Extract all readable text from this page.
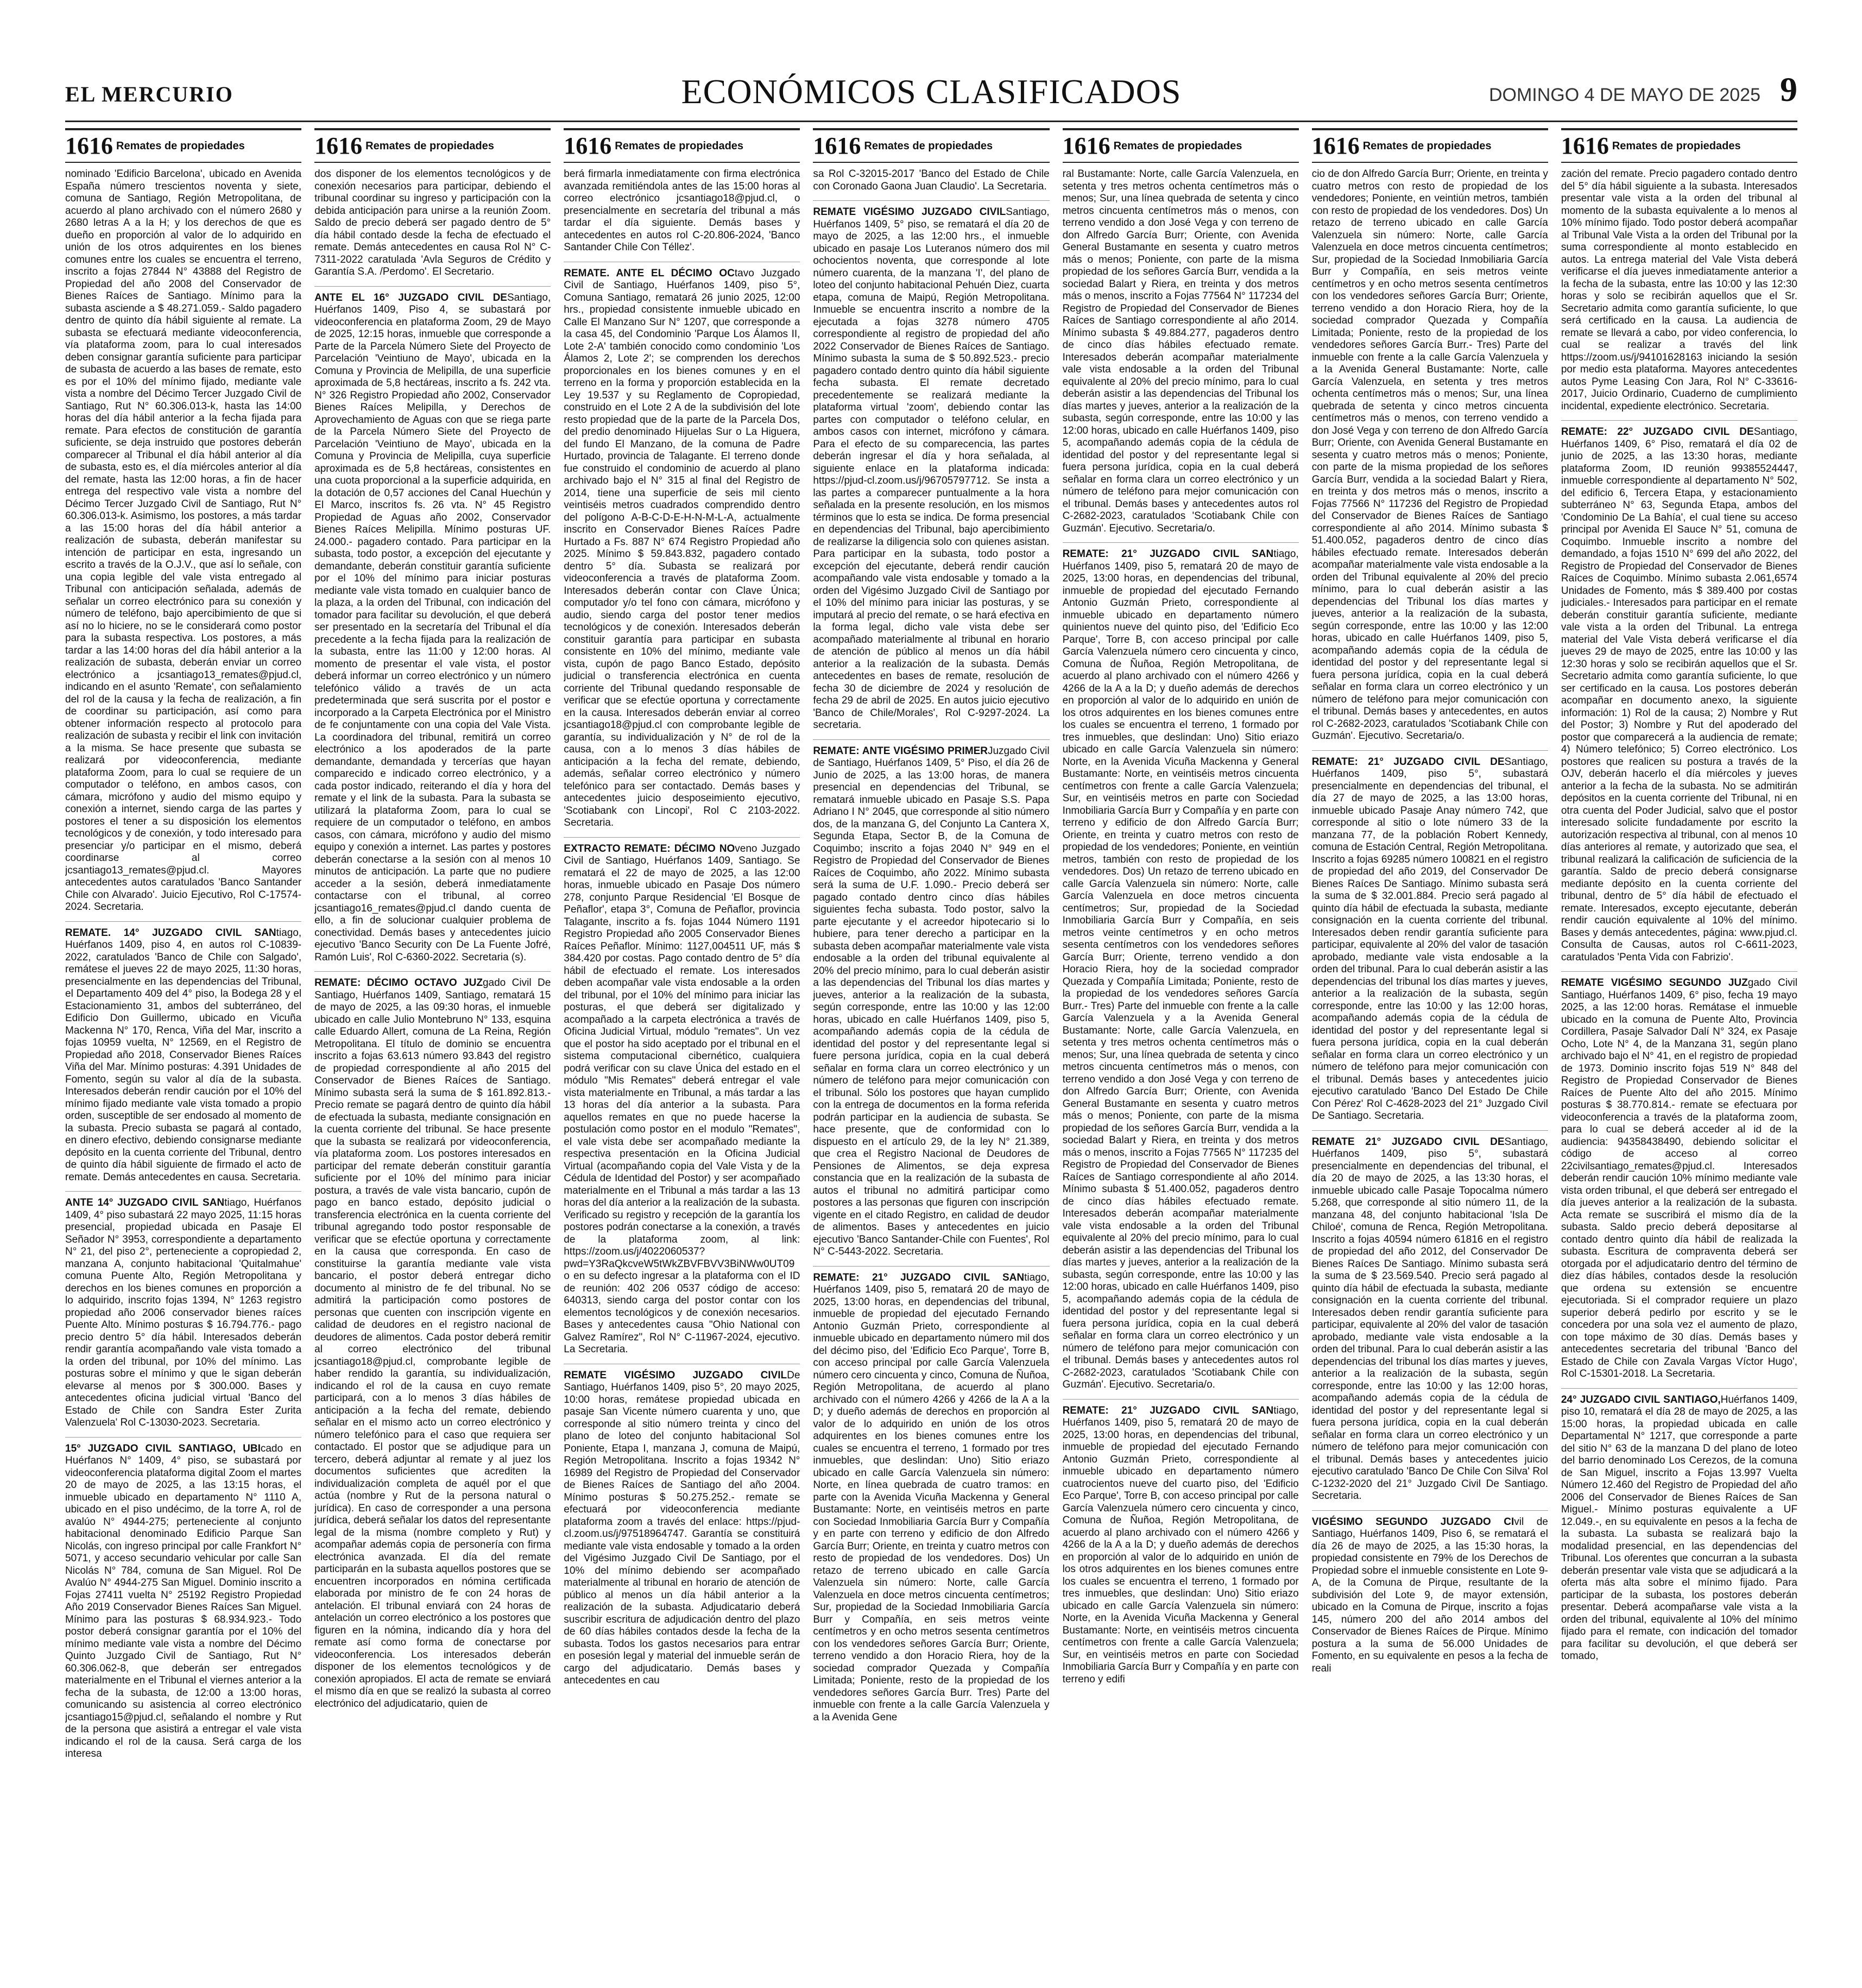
EL MERCURIO	ECONÓMICOS CLASIFICADOS	DOMINGO 4 DE MAYO DE 2025 9
1616 Remates de propiedades

nominado 'Edificio Barcelona', ubicado en Avenida España número trescientos noventa y siete, comuna de Santiago, Región Metropolitana, de acuerdo al plano archivado con el número 2680 y 2680 letras A a la H; y los derechos de que es dueño en proporción al valor de lo adquirido en unión de los otros adquirentes en los bienes comunes entre los cuales se encuentra el terreno, inscrito a fojas 27844 N° 43888 del Registro de Propiedad del año 2008 del Conservador de Bienes Raíces de Santiago. Mínimo para la subasta asciende a $ 48.271.059.- Saldo pagadero dentro de quinto día hábil siguiente al remate. La subasta se efectuará mediante videoconferencia, vía plataforma zoom, para lo cual interesados deben consignar garantía suficiente para participar de subasta de acuerdo a las bases de remate, esto es por el 10% del mínimo fijado, mediante vale vista a nombre del Décimo Tercer Juzgado Civil de Santiago, Rut N° 60.306.013-k, hasta las 14:00 horas del día hábil anterior a la fecha fijada para remate. Para efectos de constitución de garantía suficiente, se deja instruido que postores deberán comparecer al Tribunal el día hábil anterior al día de subasta, esto es, el día miércoles anterior al día del remate, hasta las 12:00 horas, a fin de hacer entrega del respectivo vale vista a nombre del Décimo Tercer Juzgado Civil de Santiago, Rut N° 60.306.013-k. Asimismo, los postores, a más tardar a las 15:00 horas del día hábil anterior a realización de subasta, deberán manifestar su intención de participar en esta, ingresando un escrito a través de la O.J.V., que así lo señale, con una copia legible del vale vista entregado al Tribunal con anticipación señalada, además de señalar un correo electrónico para su conexión y número de teléfono, bajo apercibimiento de que si así no lo hiciere, no se le considerará como postor para la subasta respectiva. Los postores, a más tardar a las 14:00 horas del día hábil anterior a la realización de subasta, deberán enviar un correo electrónico a jcsantiago13_remates@pjud.cl, indicando en el asunto 'Remate', con señalamiento del rol de la causa y la fecha de realización, a fin de coordinar su participación, así como para obtener información respecto al protocolo para realización de subasta y recibir el link con invitación a la misma. Se hace presente que subasta se realizará por videoconferencia, mediante plataforma Zoom, para lo cual se requiere de un computador o teléfono, en ambos casos, con cámara, micrófono y audio del mismo equipo y conexión a internet, siendo carga de las partes y postores el tener a su disposición los elementos tecnológicos y de conexión, y todo interesado para presenciar y/o participar en el mismo, deberá coordinarse al correo jcsantiago13_remates@pjud.cl. Mayores antecedentes autos caratulados 'Banco Santander Chile con Alvarado'. Juicio Ejecutivo, Rol C-17574-2024. Secretaria.

REMATE. 14° JUZGADO CIVIL SANtiago, Huérfanos 1409, piso 4, en autos rol C-10839-2022, caratulados 'Banco de Chile con Salgado', remátese el jueves 22 de mayo 2025, 11:30 horas, presencialmente en las dependencias del Tribunal, el Departamento 409 del 4° piso, la Bodega 28 y el Estacionamiento 31, ambos del subterráneo, del Edificio Don Guillermo, ubicado en Vicuña Mackenna N° 170, Renca, Viña del Mar, inscrito a fojas 10959 vuelta, N° 12569, en el Registro de Propiedad año 2018, Conservador Bienes Raíces Viña del Mar. Mínimo posturas: 4.391 Unidades de Fomento, según su valor al día de la subasta. Interesados deberán rendir caución por el 10% del mínimo fijado mediante vale vista tomado a propio orden, susceptible de ser endosado al momento de la subasta. Precio subasta se pagará al contado, en dinero efectivo, debiendo consignarse mediante depósito en la cuenta corriente del Tribunal, dentro de quinto día hábil siguiente de firmado el acto de remate. Demás antecedentes en causa. Secretaria.

ANTE 14° JUZGADO CIVIL SANtiago, Huérfanos 1409, 4° piso subastará 22 mayo 2025, 11:15 horas presencial, propiedad ubicada en Pasaje El Señador N° 3953, correspondiente a departamento N° 21, del piso 2°, perteneciente a copropiedad 2, manzana A, conjunto habitacional 'Quitalmahue' comuna Puente Alto, Región Metropolitana y derechos en los bienes comunes en proporción a lo adquirido, inscrito fojas 1394, N° 1263 registro propiedad año 2006 conservador bienes raíces Puente Alto. Mínimo posturas $ 16.794.776.- pago precio dentro 5° día hábil. Interesados deberán rendir garantía acompañando vale vista tomado a la orden del tribunal, por 10% del mínimo. Las posturas sobre el mínimo y que le sigan deberán elevarse al menos por $ 300.000. Bases y antecedentes oficina judicial virtual 'Banco del Estado de Chile con Sandra Ester Zurita Valenzuela' Rol C-13030-2023. Secretaria.

15° JUZGADO CIVIL SANTIAGO, UBIcado en Huérfanos N° 1409, 4° piso, se subastará por videoconferencia plataforma digital Zoom el martes 20 de mayo de 2025, a las 13:15 horas, el inmueble ubicado en departamento N° 1110 A, ubicado en el piso undécimo, de la torre A, rol de avalúo N° 4944-275; perteneciente al conjunto habitacional denominado Edificio Parque San Nicolás, con ingreso principal por calle Frankfort N° 5071, y acceso secundario vehicular por calle San Nicolás N° 784, comuna de San Miguel. Rol De Avalúo N° 4944-275 San Miguel. Dominio inscrito a Fojas 27411 vuelta N° 25192 Registro Propiedad Año 2019 Conservador Bienes Raíces San Miguel. Mínimo para las posturas $ 68.934.923.- Todo postor deberá consignar garantía por el 10% del mínimo mediante vale vista a nombre del Décimo Quinto Juzgado Civil de Santiago, Rut N° 60.306.062-8, que deberán ser entregados materialmente en el Tribunal el viernes anterior a la fecha de la subasta, de 12:00 a 13:00 horas, comunicando su asistencia al correo electrónico jcsantiago15@pjud.cl, señalando el nombre y Rut de la persona que asistirá a entregar el vale vista indicando el rol de la causa. Será carga de los interesa

1616 Remates de propiedades

dos disponer de los elementos tecnológicos y de conexión necesarios para participar, debiendo el tribunal coordinar su ingreso y participación con la debida anticipación para unirse a la reunión Zoom. Saldo de precio deberá ser pagado dentro de 5° día hábil contado desde la fecha de efectuado el remate. Demás antecedentes en causa Rol N° C-7311-2022 caratulada 'Avla Seguros de Crédito y Garantía S.A. /Perdomo'. El Secretario.

ANTE EL 16° JUZGADO CIVIL DESantiago, Huérfanos 1409, Piso 4, se subastará por videoconferencia en plataforma Zoom, 29 de Mayo de 2025, 12:15 horas, inmueble que corresponde a Parte de la Parcela Número Siete del Proyecto de Parcelación 'Veintiuno de Mayo', ubicada en la Comuna y Provincia de Melipilla, de una superficie aproximada de 5,8 hectáreas, inscrito a fs. 242 vta. N° 326 Registro Propiedad año 2002, Conservador Bienes Raíces Melipilla, y Derechos de Aprovechamiento de Aguas con que se riega parte de la Parcela Número Siete del Proyecto de Parcelación 'Veintiuno de Mayo', ubicada en la Comuna y Provincia de Melipilla, cuya superficie aproximada es de 5,8 hectáreas, consistentes en una cuota proporcional a la superficie adquirida, en la dotación de 0,57 acciones del Canal Huechún y El Marco, inscritos fs. 26 vta. N° 45 Registro Propiedad de Aguas año 2002, Conservador Bienes Raíces Melipilla. Mínimo posturas UF. 24.000.- pagadero contado. Para participar en la subasta, todo postor, a excepción del ejecutante y demandante, deberán constituir garantía suficiente por el 10% del mínimo para iniciar posturas mediante vale vista tomado en cualquier banco de la plaza, a la orden del Tribunal, con indicación del tomador para facilitar su devolución, el que deberá ser presentado en la secretaría del Tribunal el día precedente a la fecha fijada para la realización de la subasta, entre las 11:00 y 12:00 horas. Al momento de presentar el vale vista, el postor deberá informar un correo electrónico y un número telefónico válido a través de un acta predeterminada que será suscrita por el postor e incorporado a la Carpeta Electrónica por el Ministro de fe conjuntamente con una copia del Vale Vista. La coordinadora del tribunal, remitirá un correo electrónico a los apoderados de la parte demandante, demandada y tercerías que hayan comparecido e indicado correo electrónico, y a cada postor indicado, reiterando el día y hora del remate y el link de la subasta. Para la subasta se utilizará la plataforma Zoom, para lo cual se requiere de un computador o teléfono, en ambos casos, con cámara, micrófono y audio del mismo equipo y conexión a internet. Las partes y postores deberán conectarse a la sesión con al menos 10 minutos de anticipación. La parte que no pudiere acceder a la sesión, deberá inmediatamente contactarse con el tribunal, al correo jcsantiago16_remates@pjud.cl dando cuenta de ello, a fin de solucionar cualquier problema de conectividad. Demás bases y antecedentes juicio ejecutivo 'Banco Security con De La Fuente Jofré, Ramón Luis', Rol C-6360-2022. Secretaria (s).

REMATE: DÉCIMO OCTAVO JUZgado Civil De Santiago, Huérfanos 1409, Santiago, rematará 15 de mayo de 2025, a las 09:30 horas, el inmueble ubicado en calle Julio Montebruno N° 133, esquina calle Eduardo Allert, comuna de La Reina, Región Metropolitana. El título de dominio se encuentra inscrito a fojas 63.613 número 93.843 del registro de propiedad correspondiente al año 2015 del Conservador de Bienes Raíces de Santiago. Mínimo subasta será la suma de $ 161.892.813.- Precio remate se pagará dentro de quinto día hábil de efectuada la subasta, mediante consignación en la cuenta corriente del tribunal. Se hace presente que la subasta se realizará por videoconferencia, vía plataforma zoom. Los postores interesados en participar del remate deberán constituir garantía suficiente por el 10% del mínimo para iniciar postura, a través de vale vista bancario, cupón de pago en banco estado, depósito judicial o transferencia electrónica en la cuenta corriente del tribunal agregando todo postor responsable de verificar que se efectúe oportuna y correctamente en la causa que corresponda. En caso de constituirse la garantía mediante vale vista bancario, el postor deberá entregar dicho documento al ministro de fe del tribunal. No se admitirá la participación como postores de personas que cuenten con inscripción vigente en calidad de deudores en el registro nacional de deudores de alimentos. Cada postor deberá remitir al correo electrónico del tribunal jcsantiago18@pjud.cl, comprobante legible de haber rendido la garantía, su individualización, indicando el rol de la causa en cuyo remate participará, con a lo menos 3 días hábiles de anticipación a la fecha del remate, debiendo señalar en el mismo acto un correo electrónico y número telefónico para el caso que requiera ser contactado. El postor que se adjudique para un tercero, deberá adjuntar al remate y al juez los documentos suficientes que acrediten la individualización completa de aquél por el que actúa (nombre y Rut de la persona natural o jurídica). En caso de corresponder a una persona jurídica, deberá señalar los datos del representante legal de la misma (nombre completo y Rut) y acompañar además copia de personería con firma electrónica avanzada. El día del remate participarán en la subasta aquellos postores que se encuentren incorporados en nómina certificada elaborada por ministro de fe con 24 horas de antelación. El tribunal enviará con 24 horas de antelación un correo electrónico a los postores que figuren en la nómina, indicando día y hora del remate así como forma de conectarse por videoconferencia. Los interesados deberán disponer de los elementos tecnológicos y de conexión apropiados. El acta de remate se enviará el mismo día en que se realizó la subasta al correo electrónico del adjudicatario, quien de

1616 Remates de propiedades

berá firmarla inmediatamente con firma electrónica avanzada remitiéndola antes de las 15:00 horas al correo electrónico jcsantiago18@pjud.cl, o presencialmente en secretaría del tribunal a más tardar el día siguiente. Demás bases y antecedentes en autos rol C-20.806-2024, 'Banco Santander Chile Con Téllez'.

REMATE. ANTE EL DÉCIMO OCtavo Juzgado Civil de Santiago, Huérfanos 1409, piso 5°, Comuna Santiago, rematará 26 junio 2025, 12:00 hrs., propiedad consistente inmueble ubicado en Calle El Manzano Sur N° 1207, que corresponde a la casa 45, del Condominio 'Parque Los Álamos II, Lote 2-A' también conocido como condominio 'Los Álamos 2, Lote 2'; se comprenden los derechos proporcionales en los bienes comunes y en el terreno en la forma y proporción establecida en la Ley 19.537 y su Reglamento de Copropiedad, construido en el Lote 2 A de la subdivisión del lote resto propiedad que de la parte de la Parcela Dos, del predio denominado Hijuelas Sur o La Higuera, del fundo El Manzano, de la comuna de Padre Hurtado, provincia de Talagante. El terreno donde fue construido el condominio de acuerdo al plano archivado bajo el N° 315 al final del Registro de 2014, tiene una superficie de seis mil ciento veintiséis metros cuadrados comprendido dentro del polígono A-B-C-D-E-H-N-M-L-A, actualmente inscrito en Conservador Bienes Raíces Padre Hurtado a Fs. 887 N° 674 Registro Propiedad año 2025. Mínimo $ 59.843.832, pagadero contado dentro 5° día. Subasta se realizará por videoconferencia a través de plataforma Zoom. Interesados deberán contar con Clave Única; computador y/o tel fono con cámara, micrófono y audio, siendo carga del postor tener medios tecnológicos y de conexión. Interesados deberán constituir garantía para participar en subasta consistente en 10% del mínimo, mediante vale vista, cupón de pago Banco Estado, depósito judicial o transferencia electrónica en cuenta corriente del Tribunal quedando responsable de verificar que se efectúe oportuna y correctamente en la causa. Interesados deberán enviar al correo jcsantiago18@pjud.cl con comprobante legible de garantía, su individualización y N° de rol de la causa, con a lo menos 3 días hábiles de anticipación a la fecha del remate, debiendo, además, señalar correo electrónico y número telefónico para ser contactado. Demás bases y antecedentes juicio desposeimiento ejecutivo, 'Scotiabank con Lincopi', Rol C 2103-2022. Secretaria.

EXTRACTO REMATE: DÉCIMO NOveno Juzgado Civil de Santiago, Huérfanos 1409, Santiago. Se rematará el 22 de mayo de 2025, a las 12:00 horas, inmueble ubicado en Pasaje Dos número 278, conjunto Parque Residencial 'El Bosque de Peñaflor', etapa 3°, Comuna de Peñaflor, provincia Talagante, inscrito a fs. fojas 1044 Número 1191 Registro Propiedad año 2005 Conservador Bienes Raíces Peñaflor. Mínimo: 1127,004511 UF, más $ 384.420 por costas. Pago contado dentro de 5° día hábil de efectuado el remate. Los interesados deben acompañar vale vista endosable a la orden del tribunal, por el 10% del mínimo para iniciar las posturas, el que deberá ser digitalizado y acompañado a la carpeta electrónica a través de Oficina Judicial Virtual, módulo "remates". Un vez que el postor ha sido aceptado por el tribunal en el sistema computacional cibernético, cualquiera podrá verificar con su clave Única del estado en el módulo "Mis Remates" deberá entregar el vale vista materialmente en Tribunal, a más tardar a las 13 horas del día anterior a la subasta. Para aquellos remates en que no puede hacerse la postulación como postor en el modulo "Remates", el vale vista debe ser acompañado mediante la respectiva presentación en la Oficina Judicial Virtual (acompañando copia del Vale Vista y de la Cédula de Identidad del Postor) y ser acompañado materialmente en el Tribunal a más tardar a las 13 horas del día anterior a la realización de la subasta. Verificado su registro y recepción de la garantía los postores podrán conectarse a la conexión, a través de la plataforma zoom, al link: https://zoom.us/j/4022060537?pwd=Y3RaQkcveW5tWkZBVFBVV3BiNWw0UT09 o en su defecto ingresar a la plataforma con el ID de reunión: 402 206 0537 código de acceso: 640313, siendo carga del postor contar con los elementos tecnológicos y de conexión necesarios. Bases y antecedentes causa "Ohio National con Galvez Ramírez", Rol N° C-11967-2024, ejecutivo. La Secretaria.

REMATE VIGÉSIMO JUZGADO CIVILDe Santiago, Huérfanos 1409, piso 5°, 20 mayo 2025, 10:00 horas, remátese propiedad ubicada en pasaje San Vicente número cuarenta y uno, que corresponde al sitio número treinta y cinco del plano de loteo del conjunto habitacional Sol Poniente, Etapa I, manzana J, comuna de Maipú, Región Metropolitana. Inscrito a fojas 19342 N° 16989 del Registro de Propiedad del Conservador de Bienes Raíces de Santiago del año 2004. Mínimo posturas $ 50.275.252.- remate se efectuará por videoconferencia mediante plataforma zoom a través del enlace: https://pjud-cl.zoom.us/j/97518964747. Garantía se constituirá mediante vale vista endosable y tomado a la orden del Vigésimo Juzgado Civil De Santiago, por el 10% del mínimo debiendo ser acompañado materialmente al tribunal en horario de atención de público al menos un día hábil anterior a la realización de la subasta. Adjudicatario deberá suscribir escritura de adjudicación dentro del plazo de 60 días hábiles contados desde la fecha de la subasta. Todos los gastos necesarios para entrar en posesión legal y material del inmueble serán de cargo del adjudicatario. Demás bases y antecedentes en cau

1616 Remates de propiedades

sa Rol C-32015-2017 'Banco del Estado de Chile con Coronado Gaona Juan Claudio'. La Secretaria.

REMATE VIGÉSIMO JUZGADO CIVILSantiago, Huérfanos 1409, 5° piso, se rematará el día 20 de mayo de 2025, a las 12:00 hrs., el inmueble ubicado en pasaje Los Luteranos número dos mil ochocientos noventa, que corresponde al lote número cuarenta, de la manzana 'I', del plano de loteo del conjunto habitacional Pehuén Diez, cuarta etapa, comuna de Maipú, Región Metropolitana. Inmueble se encuentra inscrito a nombre de la ejecutada a fojas 3278 número 4705 correspondiente al registro de propiedad del año 2022 Conservador de Bienes Raíces de Santiago. Mínimo subasta la suma de $ 50.892.523.- precio pagadero contado dentro quinto día hábil siguiente fecha subasta. El remate decretado precedentemente se realizará mediante la plataforma virtual 'zoom', debiendo contar las partes con computador o teléfono celular, en ambos casos con internet, micrófono y cámara. Para el efecto de su comparecencia, las partes deberán ingresar el día y hora señalada, al siguiente enlace en la plataforma indicada: https://pjud-cl.zoom.us/j/96705797712. Se insta a las partes a comparecer puntualmente a la hora señalada en la presente resolución, en los mismos términos que lo esta se indica. De forma presencial en dependencias del Tribunal, bajo apercibimiento de realizarse la diligencia solo con quienes asistan. Para participar en la subasta, todo postor a excepción del ejecutante, deberá rendir caución acompañando vale vista endosable y tomado a la orden del Vigésimo Juzgado Civil de Santiago por el 10% del mínimo para iniciar las posturas, y se imputará al precio del remate, o se hará efectiva en la forma legal, dicho vale vista debe ser acompañado materialmente al tribunal en horario de atención de público al menos un día hábil anterior a la realización de la subasta. Demás antecedentes en bases de remate, resolución de fecha 30 de diciembre de 2024 y resolución de fecha 29 de abril de 2025. En autos juicio ejecutivo 'Banco de Chile/Morales', Rol C-9297-2024. La secretaria.

REMATE: ANTE VIGÉSIMO PRIMERJuzgado Civil de Santiago, Huérfanos 1409, 5° Piso, el día 26 de Junio de 2025, a las 13:00 horas, de manera presencial en dependencias del Tribunal, se rematará inmueble ubicado en Pasaje S.S. Papa Adriano I N° 2045, que corresponde al sitio número dos, de la manzana G, del Conjunto La Cantera X, Segunda Etapa, Sector B, de la Comuna de Coquimbo; inscrito a fojas 2040 N° 949 en el Registro de Propiedad del Conservador de Bienes Raíces de Coquimbo, año 2022. Mínimo subasta será la suma de U.F. 1.090.- Precio deberá ser pagado contado dentro cinco días hábiles siguientes fecha subasta. Todo postor, salvo la parte ejecutante y el acreedor hipotecario si lo hubiere, para tener derecho a participar en la subasta deben acompañar materialmente vale vista endosable a la orden del tribunal equivalente al 20% del precio mínimo, para lo cual deberán asistir a las dependencias del Tribunal los días martes y jueves, anterior a la realización de la subasta, según corresponde, entre las 10:00 y las 12:00 horas, ubicado en calle Huérfanos 1409, piso 5, acompañando además copia de la cédula de identidad del postor y del representante legal si fuere persona jurídica, copia en la cual deberá señalar en forma clara un correo electrónico y un número de teléfono para mejor comunicación con el tribunal. Sólo los postores que hayan cumplido con la entrega de documentos en la forma referida podrán participar en la audiencia de subasta. Se hace presente, que de conformidad con lo dispuesto en el artículo 29, de la ley N° 21.389, que crea el Registro Nacional de Deudores de Pensiones de Alimentos, se deja expresa constancia que en la realización de la subasta de autos el tribunal no admitirá participar como postores a las personas que figuren con inscripción vigente en el citado Registro, en calidad de deudor de alimentos. Bases y antecedentes en juicio ejecutivo 'Banco Santander-Chile con Fuentes', Rol N° C-5443-2022. Secretaria.

REMATE: 21° JUZGADO CIVIL SANtiago, Huérfanos 1409, piso 5, rematará 20 de mayo de 2025, 13:00 horas, en dependencias del tribunal, inmueble de propiedad del ejecutado Fernando Antonio Guzmán Prieto, correspondiente al inmueble ubicado en departamento número mil dos del décimo piso, del 'Edificio Eco Parque', Torre B, con acceso principal por calle García Valenzuela número cero cincuenta y cinco, Comuna de Ñuñoa, Región Metropolitana, de acuerdo al plano archivado con el número 4266 y 4266 de la A a la D; y dueño además de derechos en proporción al valor de lo adquirido en unión de los otros adquirentes en los bienes comunes entre los cuales se encuentra el terreno, 1 formado por tres inmuebles, que deslindan: Uno) Sitio eriazo ubicado en calle García Valenzuela sin número: Norte, en línea quebrada de cuatro tramos: en parte con la Avenida Vicuña Mackenna y General Bustamante: Norte, en veintiséis metros en parte con Sociedad Inmobiliaria García Burr y Compañía y en parte con terreno y edificio de don Alfredo García Burr; Oriente, en treinta y cuatro metros con resto de propiedad de los vendedores. Dos) Un retazo de terreno ubicado en calle García Valenzuela sin número: Norte, calle García Valenzuela en doce metros cincuenta centímetros; Sur, propiedad de la Sociedad Inmobiliaria García Burr y Compañía, en seis metros veinte centímetros y en ocho metros sesenta centímetros con los vendedores señores García Burr; Oriente, terreno vendido a don Horacio Riera, hoy de la sociedad comprador Quezada y Compañía Limitada; Poniente, resto de la propiedad de los vendedores señores García Burr. Tres) Parte del inmueble con frente a la calle García Valenzuela y a la Avenida Gene

1616 Remates de propiedades

ral Bustamante: Norte, calle García Valenzuela, en setenta y tres metros ochenta centímetros más o menos; Sur, una línea quebrada de setenta y cinco metros cincuenta centímetros más o menos, con terreno vendido a don José Vega y con terreno de don Alfredo García Burr; Oriente, con Avenida General Bustamante en sesenta y cuatro metros más o menos; Poniente, con parte de la misma propiedad de los señores García Burr, vendida a la sociedad Balart y Riera, en treinta y dos metros más o menos, inscrito a Fojas 77564 N° 117234 del Registro de Propiedad del Conservador de Bienes Raíces de Santiago correspondiente al año 2014. Mínimo subasta $ 49.884.277, pagaderos dentro de cinco días hábiles efectuado remate. Interesados deberán acompañar materialmente vale vista endosable a la orden del Tribunal equivalente al 20% del precio mínimo, para lo cual deberán asistir a las dependencias del Tribunal los días martes y jueves, anterior a la realización de la subasta, según corresponde, entre las 10:00 y las 12:00 horas, ubicado en calle Huérfanos 1409, piso 5, acompañando además copia de la cédula de identidad del postor y del representante legal si fuera persona jurídica, copia en la cual deberá señalar en forma clara un correo electrónico y un número de teléfono para mejor comunicación con el tribunal. Demás bases y antecedentes autos rol C-2682-2023, caratulados 'Scotiabank Chile con Guzmán'. Ejecutivo. Secretaria/o.

REMATE: 21° JUZGADO CIVIL SANtiago, Huérfanos 1409, piso 5, rematará 20 de mayo de 2025, 13:00 horas, en dependencias del tribunal, inmueble de propiedad del ejecutado Fernando Antonio Guzmán Prieto, correspondiente al inmueble ubicado en departamento número quinientos nueve del quinto piso, del 'Edificio Eco Parque', Torre B, con acceso principal por calle García Valenzuela número cero cincuenta y cinco, Comuna de Ñuñoa, Región Metropolitana, de acuerdo al plano archivado con el número 4266 y 4266 de la A a la D; y dueño además de derechos en proporción al valor de lo adquirido en unión de los otros adquirentes en los bienes comunes entre los cuales se encuentra el terreno, 1 formado por tres inmuebles, que deslindan: Uno) Sitio eriazo ubicado en calle García Valenzuela sin número: Norte, en la Avenida Vicuña Mackenna y General Bustamante: Norte, en veintiséis metros cincuenta centímetros con frente a calle García Valenzuela; Sur, en veintiséis metros en parte con Sociedad Inmobiliaria García Burr y Compañía y en parte con terreno y edificio de don Alfredo García Burr; Oriente, en treinta y cuatro metros con resto de propiedad de los vendedores; Poniente, en veintiún metros, también con resto de propiedad de los vendedores. Dos) Un retazo de terreno ubicado en calle García Valenzuela sin número: Norte, calle García Valenzuela en doce metros cincuenta centímetros; Sur, propiedad de la Sociedad Inmobiliaria García Burr y Compañía, en seis metros veinte centímetros y en ocho metros sesenta centímetros con los vendedores señores García Burr; Oriente, terreno vendido a don Horacio Riera, hoy de la sociedad comprador Quezada y Compañía Limitada; Poniente, resto de la propiedad de los vendedores señores García Burr.- Tres) Parte del inmueble con frente a la calle García Valenzuela y a la Avenida General Bustamante: Norte, calle García Valenzuela, en setenta y tres metros ochenta centímetros más o menos; Sur, una línea quebrada de setenta y cinco metros cincuenta centímetros más o menos, con terreno vendido a don José Vega y con terreno de don Alfredo García Burr; Oriente, con Avenida General Bustamante en sesenta y cuatro metros más o menos; Poniente, con parte de la misma propiedad de los señores García Burr, vendida a la sociedad Balart y Riera, en treinta y dos metros más o menos, inscrito a Fojas 77565 N° 117235 del Registro de Propiedad del Conservador de Bienes Raíces de Santiago correspondiente al año 2014. Mínimo subasta $ 51.400.052, pagaderos dentro de cinco días hábiles efectuado remate. Interesados deberán acompañar materialmente vale vista endosable a la orden del Tribunal equivalente al 20% del precio mínimo, para lo cual deberán asistir a las dependencias del Tribunal los días martes y jueves, anterior a la realización de la subasta, según corresponde, entre las 10:00 y las 12:00 horas, ubicado en calle Huérfanos 1409, piso 5, acompañando además copia de la cédula de identidad del postor y del representante legal si fuera persona jurídica, copia en la cual deberá señalar en forma clara un correo electrónico y un número de teléfono para mejor comunicación con el tribunal. Demás bases y antecedentes autos rol C-2682-2023, caratulados 'Scotiabank Chile con Guzmán'. Ejecutivo. Secretaria/o.

REMATE: 21° JUZGADO CIVIL SANtiago, Huérfanos 1409, piso 5, rematará 20 de mayo de 2025, 13:00 horas, en dependencias del tribunal, inmueble de propiedad del ejecutado Fernando Antonio Guzmán Prieto, correspondiente al inmueble ubicado en departamento número cuatrocientos nueve del cuarto piso, del 'Edificio Eco Parque', Torre B, con acceso principal por calle García Valenzuela número cero cincuenta y cinco, Comuna de Ñuñoa, Región Metropolitana, de acuerdo al plano archivado con el número 4266 y 4266 de la A a la D; y dueño además de derechos en proporción al valor de lo adquirido en unión de los otros adquirentes en los bienes comunes entre los cuales se encuentra el terreno, 1 formado por tres inmuebles, que deslindan: Uno) Sitio eriazo ubicado en calle García Valenzuela sin número: Norte, en la Avenida Vicuña Mackenna y General Bustamante: Norte, en veintiséis metros cincuenta centímetros con frente a calle García Valenzuela; Sur, en veintiséis metros en parte con Sociedad Inmobiliaria García Burr y Compañía y en parte con terreno y edifi

1616 Remates de propiedades

cio de don Alfredo García Burr; Oriente, en treinta y cuatro metros con resto de propiedad de los vendedores; Poniente, en veintiún metros, también con resto de propiedad de los vendedores. Dos) Un retazo de terreno ubicado en calle García Valenzuela sin número: Norte, calle García Valenzuela en doce metros cincuenta centímetros; Sur, propiedad de la Sociedad Inmobiliaria García Burr y Compañía, en seis metros veinte centímetros y en ocho metros sesenta centímetros con los vendedores señores García Burr; Oriente, terreno vendido a don Horacio Riera, hoy de la sociedad comprador Quezada y Compañía Limitada; Poniente, resto de la propiedad de los vendedores señores García Burr.- Tres) Parte del inmueble con frente a la calle García Valenzuela y a la Avenida General Bustamante: Norte, calle García Valenzuela, en setenta y tres metros ochenta centímetros más o menos; Sur, una línea quebrada de setenta y cinco metros cincuenta centímetros más o menos, con terreno vendido a don José Vega y con terreno de don Alfredo García Burr; Oriente, con Avenida General Bustamante en sesenta y cuatro metros más o menos; Poniente, con parte de la misma propiedad de los señores García Burr, vendida a la sociedad Balart y Riera, en treinta y dos metros más o menos, inscrito a Fojas 77566 N° 117236 del Registro de Propiedad del Conservador de Bienes Raíces de Santiago correspondiente al año 2014. Mínimo subasta $ 51.400.052, pagaderos dentro de cinco días hábiles efectuado remate. Interesados deberán acompañar materialmente vale vista endosable a la orden del Tribunal equivalente al 20% del precio mínimo, para lo cual deberán asistir a las dependencias del Tribunal los días martes y jueves, anterior a la realización de la subasta, según corresponde, entre las 10:00 y las 12:00 horas, ubicado en calle Huérfanos 1409, piso 5, acompañando además copia de la cédula de identidad del postor y del representante legal si fuera persona jurídica, copia en la cual deberá señalar en forma clara un correo electrónico y un número de teléfono para mejor comunicación con el tribunal. Demás bases y antecedentes, en autos rol C-2682-2023, caratulados 'Scotiabank Chile con Guzmán'. Ejecutivo. Secretaria/o.

REMATE: 21° JUZGADO CIVIL DESantiago, Huérfanos 1409, piso 5°, subastará presencialmente en dependencias del tribunal, el día 27 de mayo de 2025, a las 13:00 horas, inmueble ubicado Pasaje Anay número 742, que corresponde al sitio o lote número 33 de la manzana 77, de la población Robert Kennedy, comuna de Estación Central, Región Metropolitana. Inscrito a fojas 69285 número 100821 en el registro de propiedad del año 2019, del Conservador De Bienes Raíces De Santiago. Mínimo subasta será la suma de $ 32.001.884. Precio será pagado al quinto día hábil de efectuada la subasta, mediante consignación en la cuenta corriente del tribunal. Interesados deben rendir garantía suficiente para participar, equivalente al 20% del valor de tasación aprobado, mediante vale vista endosable a la orden del tribunal. Para lo cual deberán asistir a las dependencias del tribunal los días martes y jueves, anterior a la realización de la subasta, según corresponde, entre las 10:00 y las 12:00 horas, acompañando además copia de la cédula de identidad del postor y del representante legal si fuera persona jurídica, copia en la cual deberán señalar en forma clara un correo electrónico y un número de teléfono para mejor comunicación con el tribunal. Demás bases y antecedentes juicio ejecutivo caratulado 'Banco Del Estado De Chile Con Pérez' Rol C-4628-2023 del 21° Juzgado Civil De Santiago. Secretaria.

REMATE 21° JUZGADO CIVIL DESantiago, Huérfanos 1409, piso 5°, subastará presencialmente en dependencias del tribunal, el día 20 de mayo de 2025, a las 13:30 horas, el inmueble ubicado calle Pasaje Topocalma número 5.268, que corresponde al sitio número 11, de la manzana 48, del conjunto habitacional 'Isla De Chiloé', comuna de Renca, Región Metropolitana. Inscrito a fojas 40594 número 61816 en el registro de propiedad del año 2012, del Conservador De Bienes Raíces De Santiago. Mínimo subasta será la suma de $ 23.569.540. Precio será pagado al quinto día hábil de efectuada la subasta, mediante consignación en la cuenta corriente del tribunal. Interesados deben rendir garantía suficiente para participar, equivalente al 20% del valor de tasación aprobado, mediante vale vista endosable a la orden del tribunal. Para lo cual deberán asistir a las dependencias del tribunal los días martes y jueves, anterior a la realización de la subasta, según corresponde, entre las 10:00 y las 12:00 horas, acompañando además copia de la cédula de identidad del postor y del representante legal si fuera persona jurídica, copia en la cual deberán señalar en forma clara un correo electrónico y un número de teléfono para mejor comunicación con el tribunal. Demás bases y antecedentes juicio ejecutivo caratulado 'Banco De Chile Con Silva' Rol C-1232-2020 del 21° Juzgado Civil De Santiago. Secretaria.

VIGÉSIMO SEGUNDO JUZGADO CIvil de Santiago, Huérfanos 1409, Piso 6, se rematará el día 26 de mayo de 2025, a las 15:30 horas, la propiedad consistente en 79% de los Derechos de Propiedad sobre el inmueble consistente en Lote 9-A, de la Comuna de Pirque, resultante de la subdivisión del Lote 9, de mayor extensión, ubicado en la Comuna de Pirque, inscrito a fojas 145, número 200 del año 2014 ambos del Conservador de Bienes Raíces de Pirque. Mínimo postura a la suma de 56.000 Unidades de Fomento, en su equivalente en pesos a la fecha de reali

1616 Remates de propiedades

zación del remate. Precio pagadero contado dentro del 5° día hábil siguiente a la subasta. Interesados presentar vale vista a la orden del tribunal al momento de la subasta equivalente a lo menos al 10% mínimo fijado. Todo postor deberá acompañar al Tribunal Vale Vista a la orden del Tribunal por la suma correspondiente al monto establecido en autos. La entrega material del Vale Vista deberá verificarse el día jueves inmediatamente anterior a la fecha de la subasta, entre las 10:00 y las 12:30 horas y solo se recibirán aquellos que el Sr. Secretario admita como garantía suficiente, lo que será certificado en la causa. La audiencia de remate se llevará a cabo, por video conferencia, lo cual se realizar a través del link https://zoom.us/j/94101628163 iniciando la sesión por medio esta plataforma. Mayores antecedentes autos Pyme Leasing Con Jara, Rol N° C-33616-2017, Juicio Ordinario, Cuaderno de cumplimiento incidental, expediente electrónico. Secretaria.

REMATE: 22° JUZGADO CIVIL DESantiago, Huérfanos 1409, 6° Piso, rematará el día 02 de junio de 2025, a las 13:30 horas, mediante plataforma Zoom, ID reunión 99385524447, inmueble correspondiente al departamento N° 502, del edificio 6, Tercera Etapa, y estacionamiento subterráneo N° 63, Segunda Etapa, ambos del 'Condominio De La Bahía', el cual tiene su acceso principal por Avenida El Sauce N° 51, comuna de Coquimbo. Inmueble inscrito a nombre del demandado, a fojas 1510 N° 699 del año 2022, del Registro de Propiedad del Conservador de Bienes Raíces de Coquimbo. Mínimo subasta 2.061,6574 Unidades de Fomento, más $ 389.400 por costas judiciales.- Interesados para participar en el remate deberán constituir garantía suficiente, mediante vale vista a la orden del Tribunal. La entrega material del Vale Vista deberá verificarse el día jueves 29 de mayo de 2025, entre las 10:00 y las 12:30 horas y solo se recibirán aquellos que el Sr. Secretario admita como garantía suficiente, lo que ser certificado en la causa. Los postores deberán acompañar en documento anexo, la siguiente información: 1) Rol de la causa; 2) Nombre y Rut del Postor; 3) Nombre y Rut del apoderado del postor que comparecerá a la audiencia de remate; 4) Número telefónico; 5) Correo electrónico. Los postores que realicen su postura a través de la OJV, deberán hacerlo el día miércoles y jueves anterior a la fecha de la subasta. No se admitirán depósitos en la cuenta corriente del Tribunal, ni en otra cuenta del Poder Judicial, salvo que el postor interesado solicite fundadamente por escrito la autorización respectiva al tribunal, con al menos 10 días anteriores al remate, y autorizado que sea, el tribunal realizará la calificación de suficiencia de la garantía. Saldo de precio deberá consignarse mediante depósito en la cuenta corriente del tribunal, dentro de 5° día hábil de efectuado el remate. Interesados, excepto ejecutante, deberán rendir caución equivalente al 10% del mínimo. Bases y demás antecedentes, página: www.pjud.cl. Consulta de Causas, autos rol C-6611-2023, caratulados 'Penta Vida con Fabrizio'.

REMATE VIGÉSIMO SEGUNDO JUZgado Civil Santiago, Huérfanos 1409, 6° piso, fecha 19 mayo 2025, a las 12:00 horas. Remátase el inmueble ubicado en la comuna de Puente Alto, Provincia Cordillera, Pasaje Salvador Dalí N° 324, ex Pasaje Ocho, Lote N° 4, de la Manzana 31, según plano archivado bajo el N° 41, en el registro de propiedad de 1973. Dominio inscrito fojas 519 N° 848 del Registro de Propiedad Conservador de Bienes Raíces de Puente Alto del año 2015. Mínimo posturas $ 38.770.814.- remate se efectuara por videoconferencia a través de la plataforma zoom, para lo cual se deberá acceder al id de la audiencia: 94358438490, debiendo solicitar el código de acceso al correo 22civilsantiago_remates@pjud.cl. Interesados deberán rendir caución 10% mínimo mediante vale vista orden tribunal, el que deberá ser entregado el día jueves anterior a la realización de la subasta. Acta remate se suscribirá el mismo día de la subasta. Saldo precio deberá depositarse al contado dentro quinto día hábil de realizada la subasta. Escritura de compraventa deberá ser otorgada por el adjudicatario dentro del término de diez días hábiles, contados desde la resolución que ordena su extensión se encuentre ejecutoriada. Si el comprador requiere un plazo superior deberá pedirlo por escrito y se le concedera por una sola vez el aumento de plazo, con tope máximo de 30 días. Demás bases y antecedentes secretaria del tribunal 'Banco del Estado de Chile con Zavala Vargas Víctor Hugo', Rol C-15301-2018. La Secretaria.

24° JUZGADO CIVIL SANTIAGO,Huérfanos 1409, piso 10, rematará el día 28 de mayo de 2025, a las 15:00 horas, la propiedad ubicada en calle Departamental N° 1217, que corresponde a parte del sitio N° 63 de la manzana D del plano de loteo del barrio denominado Los Cerezos, de la comuna de San Miguel, inscrito a Fojas 13.997 Vuelta Número 12.460 del Registro de Propiedad del año 2006 del Conservador de Bienes Raíces de San Miguel.- Mínimo posturas equivalente a UF 12.049.-, en su equivalente en pesos a la fecha de la subasta. La subasta se realizará bajo la modalidad presencial, en las dependencias del Tribunal. Los oferentes que concurran a la subasta deberán presentar vale vista que se adjudicará a la oferta más alta sobre el mínimo fijado. Para participar de la subasta, los postores deberán presentar. Deberá acompañarse vale vista a la orden del tribunal, equivalente al 10% del mínimo fijado para el remate, con indicación del tomador para facilitar su devolución, el que deberá ser tomado,
